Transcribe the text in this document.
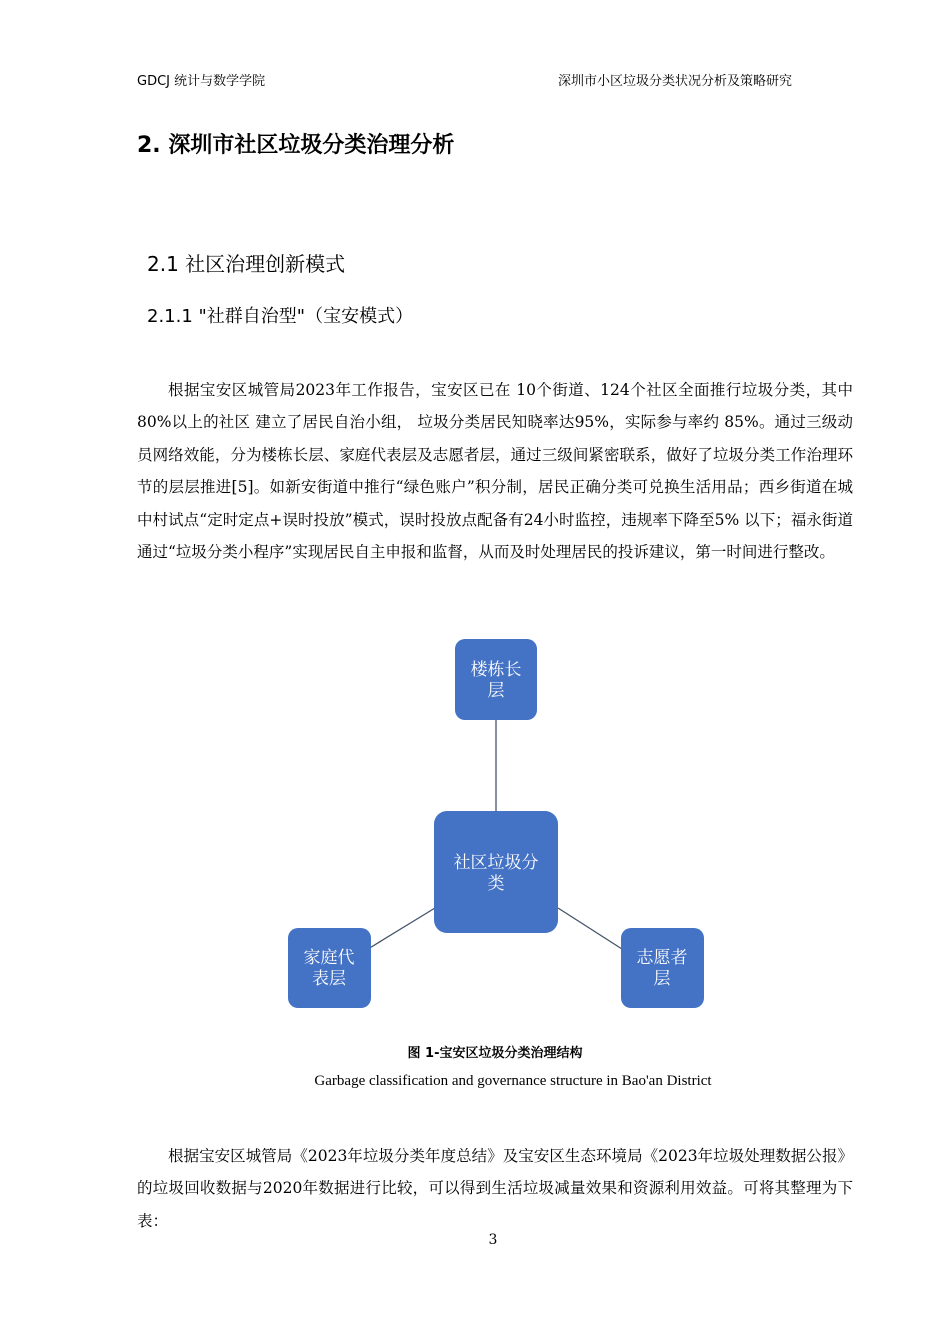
GDCJ 统计与数学学院	深圳市小区垃圾分类状况分析及策略研究
2. 深圳市社区垃圾分类治理分析
2.1 社区治理创新模式
2.1.1 "社群自治型"（宝安模式）

根据宝安区城管局2023年工作报告，宝安区已在 10个街道、124个社区全面推行垃圾分类，其中 80%以上的社区 建立了居民自治小组， 垃圾分类居民知晓率达95%，实际参与率约 85%。通过三级动员网络效能，分为楼栋长层、家庭代表层及志愿者层，通过三级间紧密联系，做好了垃圾分类工作治理环节的层层推进[5]。如新安街道中推行“绿色账户”积分制，居民正确分类可兑换生活用品；西乡街道在城中村试点“定时定点+误时投放”模式，误时投放点配备有24小时监控，违规率下降至5% 以下；福永街道通过“垃圾分类小程序”实现居民自主申报和监督，从而及时处理居民的投诉建议，第一时间进行整改。

社区垃圾分
类
楼栋长
层
家庭代
表层
志愿者
层
图 1-宝安区垃圾分类治理结构
Garbage classification and governance structure in Bao'an District

根据宝安区城管局《2023年垃圾分类年度总结》及宝安区生态环境局《2023年垃圾处理数据公报》的垃圾回收数据与2020年数据进行比较，可以得到生活垃圾减量效果和资源利用效益。可将其整理为下表：

3
